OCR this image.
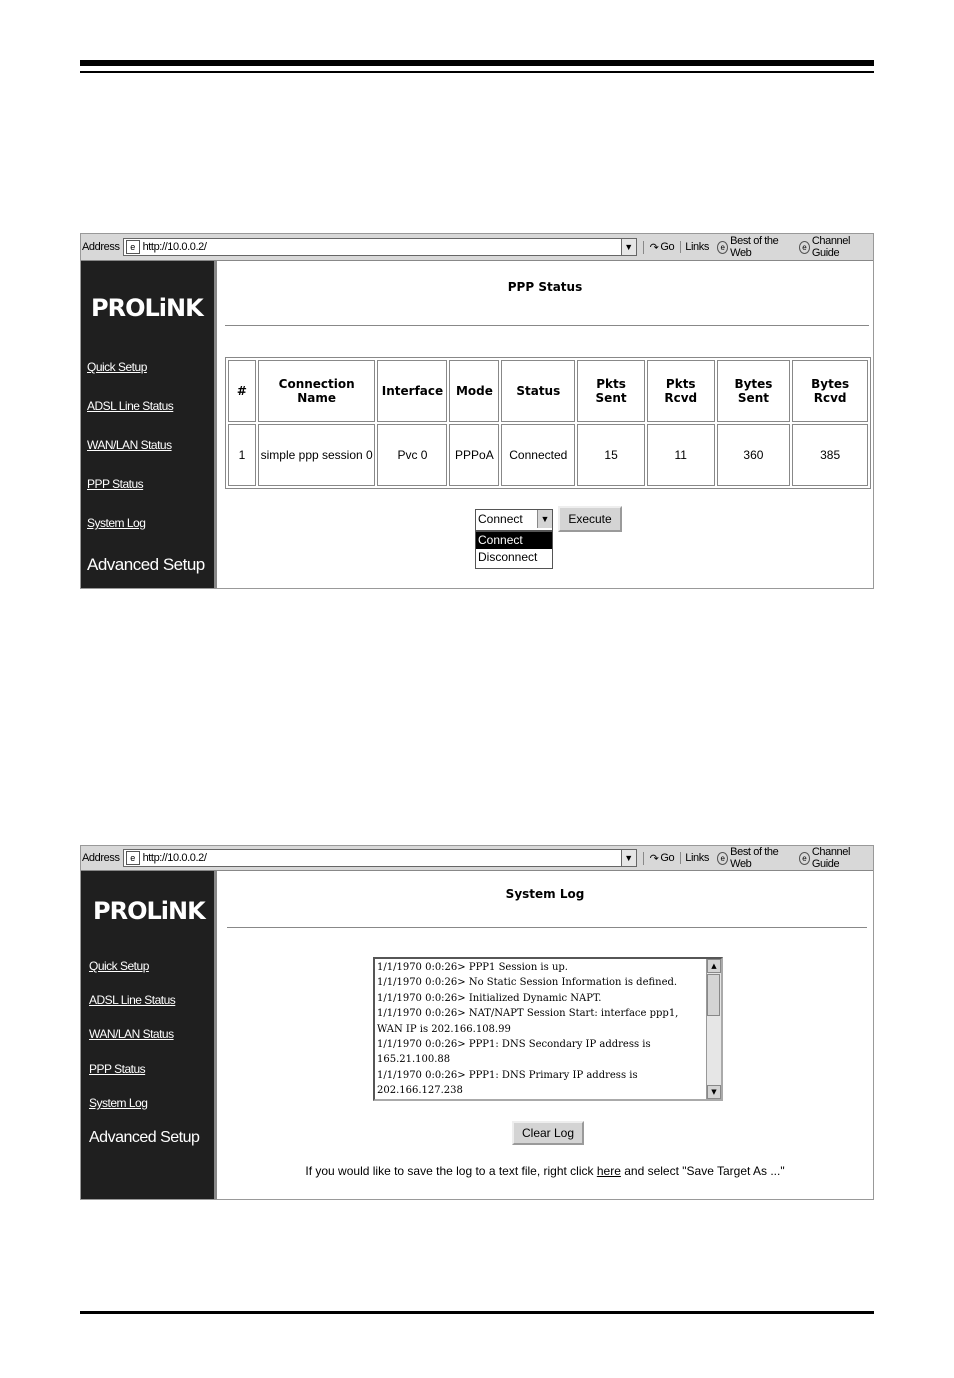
Address	e http://10.0.0.2/	▼ ↷ Go	Links	e Best of the Web	e Channel Guide
PROLiNK
Quick Setup
ADSL Line Status
WAN/LAN Status
PPP Status
System Log
Advanced Setup
PPP Status
#	Connection Name	Interface	Mode	Status	Pkts Sent	Pkts Rcvd	Bytes Sent	Bytes Rcvd
1	simple ppp session 0	Pvc 0	PPPoA	Connected	15	11	360	385
Connect	▼
Connect
Disconnect
Execute
Address	e http://10.0.0.2/	▼ ↷ Go	Links	e Best of the Web	e Channel Guide
PROLiNK
Quick Setup
ADSL Line Status
WAN/LAN Status
PPP Status
System Log
Advanced Setup
System Log
1/1/1970 0:0:26> PPP1 Session is up.
1/1/1970 0:0:26> No Static Session Information is defined.
1/1/1970 0:0:26> Initialized Dynamic NAPT.
1/1/1970 0:0:26> NAT/NAPT Session Start: interface ppp1,
WAN IP is 202.166.108.99
1/1/1970 0:0:26> PPP1: DNS Secondary IP address is
165.21.100.88
1/1/1970 0:0:26> PPP1: DNS Primary IP address is
202.166.127.238
▲
▼
Clear Log
If you would like to save the log to a text file, right click here and select "Save Target As ..."
